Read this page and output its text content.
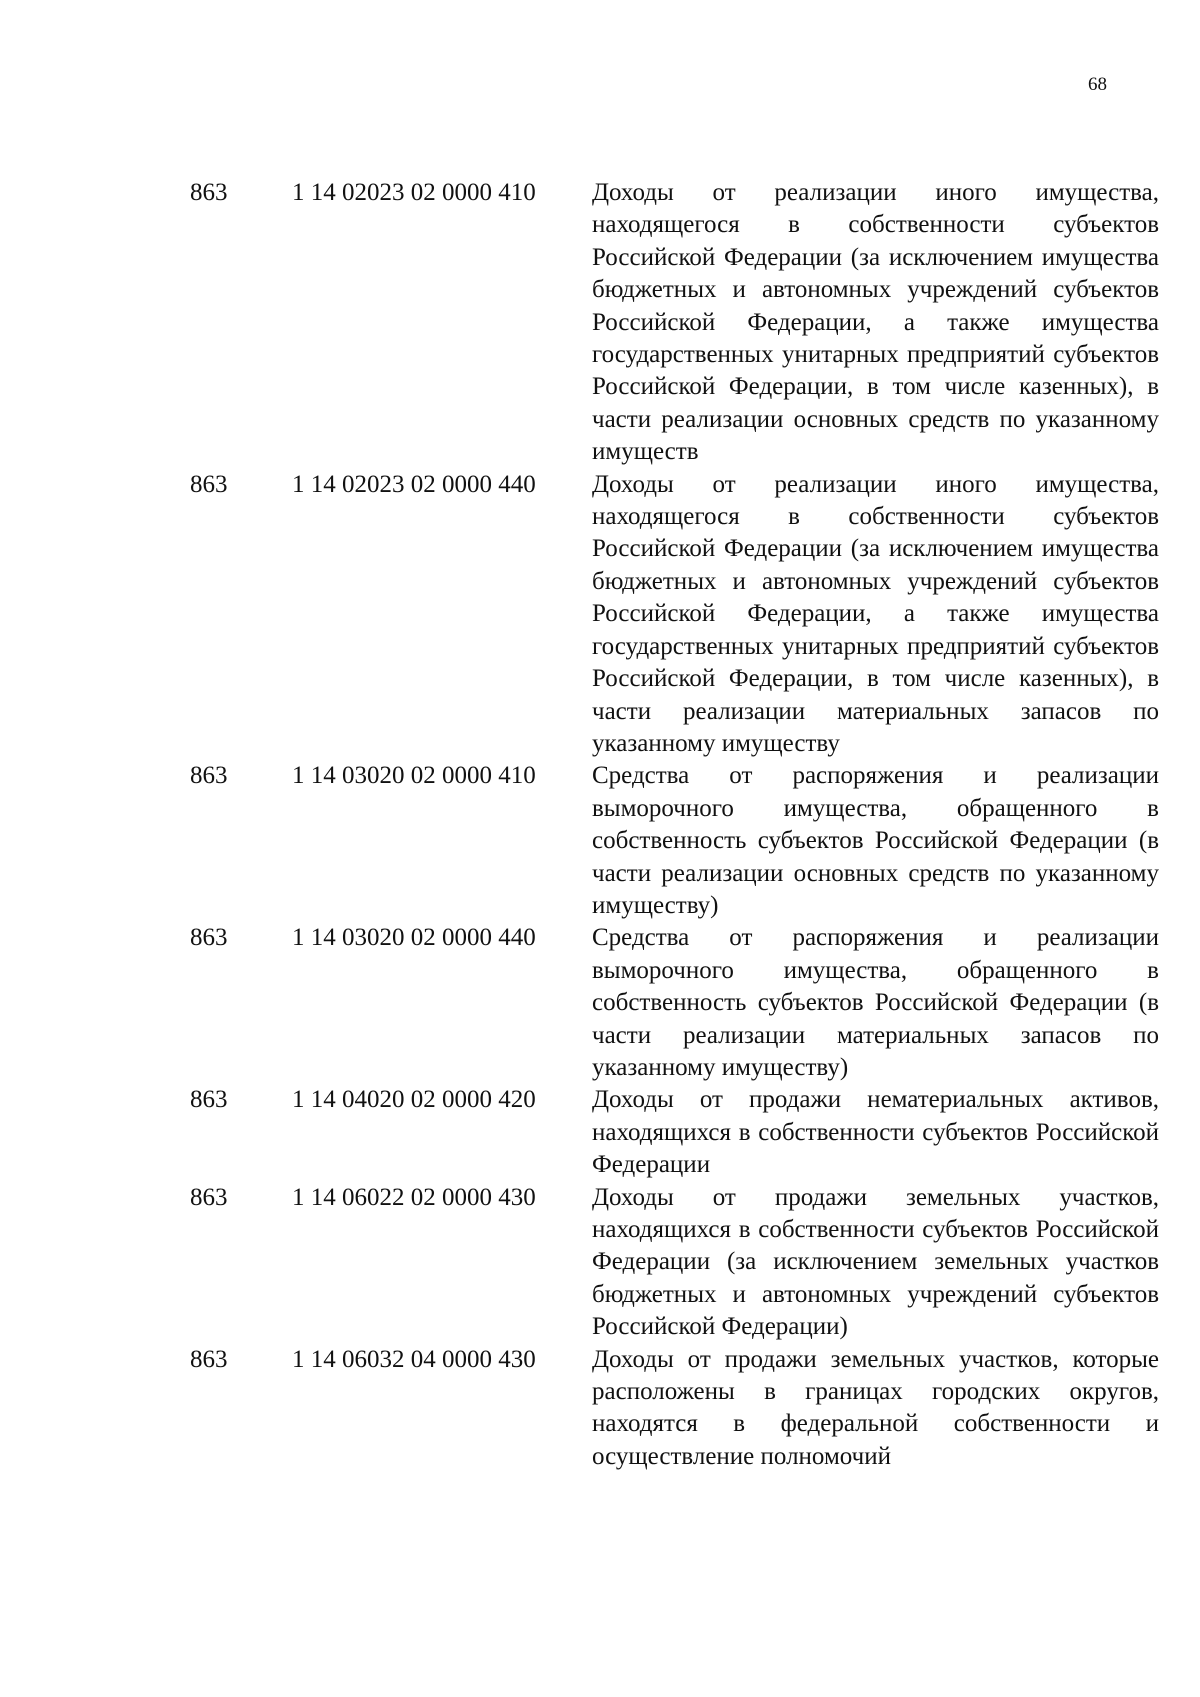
68
863	1 14 02023 02 0000 410	Доходы от реализации иного имущества, находящегося в собственности субъектов Российской Федерации (за исключением имущества бюджетных и автономных учреждений субъектов Российской Федерации, а также имущества государственных унитарных предприятий субъектов Российской Федерации, в том числе казенных), в части реализации основных средств по указанному имуществ
863	1 14 02023 02 0000 440	Доходы от реализации иного имущества, находящегося в собственности субъектов Российской Федерации (за исключением имущества бюджетных и автономных учреждений субъектов Российской Федерации, а также имущества государственных унитарных предприятий субъектов Российской Федерации, в том числе казенных), в части реализации материальных запасов по указанному имуществу
863	1 14 03020 02 0000 410	Средства от распоряжения и реализации выморочного имущества, обращенного в собственность субъектов Российской Федерации (в части реализации основных средств по указанному имуществу)
863	1 14 03020 02 0000 440	Средства от распоряжения и реализации выморочного имущества, обращенного в собственность субъектов Российской Федерации (в части реализации материальных запасов по указанному имуществу)
863	1 14 04020 02 0000 420	Доходы от продажи нематериальных активов, находящихся в собственности субъектов Российской Федерации
863	1 14 06022 02 0000 430	Доходы от продажи земельных участков, находящихся в собственности субъектов Российской Федерации (за исключением земельных участков бюджетных и автономных учреждений субъектов Российской Федерации)
863	1 14 06032 04 0000 430	Доходы от продажи земельных участков, которые расположены в границах городских округов, находятся в федеральной собственности и осуществление полномочий
